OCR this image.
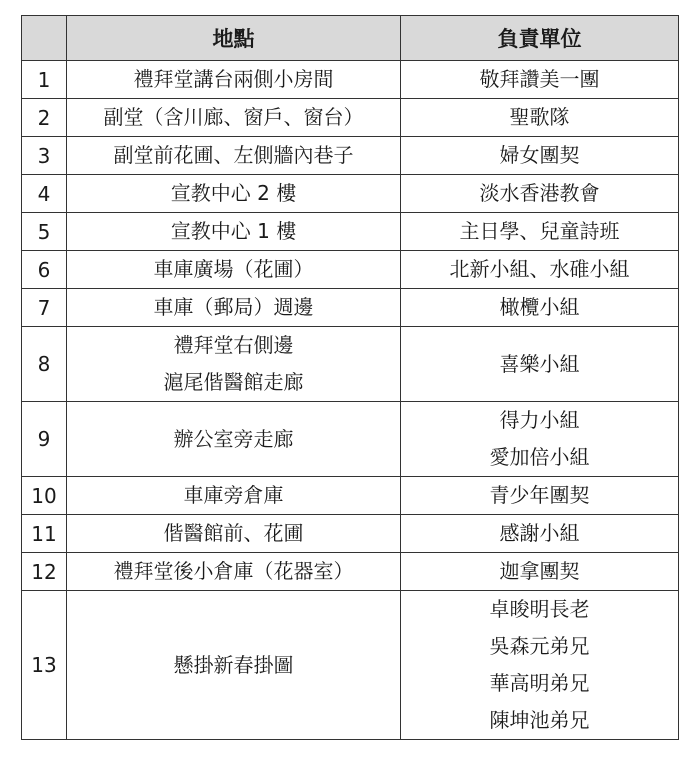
	地點	負責單位
1	禮拜堂講台兩側小房間	敬拜讚美一團

2	副堂（含川廊、窗戶、窗台）	聖歌隊

3	副堂前花圃、左側牆內巷子	婦女團契

4	宣教中心 2 樓	淡水香港教會

5	宣教中心 1 樓	主日學、兒童詩班

6	車庫廣場（花圃）	北新小組、水碓小組

7	車庫（郵局）週邊	橄欖小組

8	禮拜堂右側邊
滬尾偕醫館走廊	喜樂小組

9	辦公室旁走廊	得力小組
愛加倍小組

10	車庫旁倉庫	青少年團契

11	偕醫館前、花圃	感謝小組

12	禮拜堂後小倉庫（花器室）	迦拿團契

13	懸掛新春掛圖	卓晙明長老
吳森元弟兄
華高明弟兄
陳坤池弟兄
